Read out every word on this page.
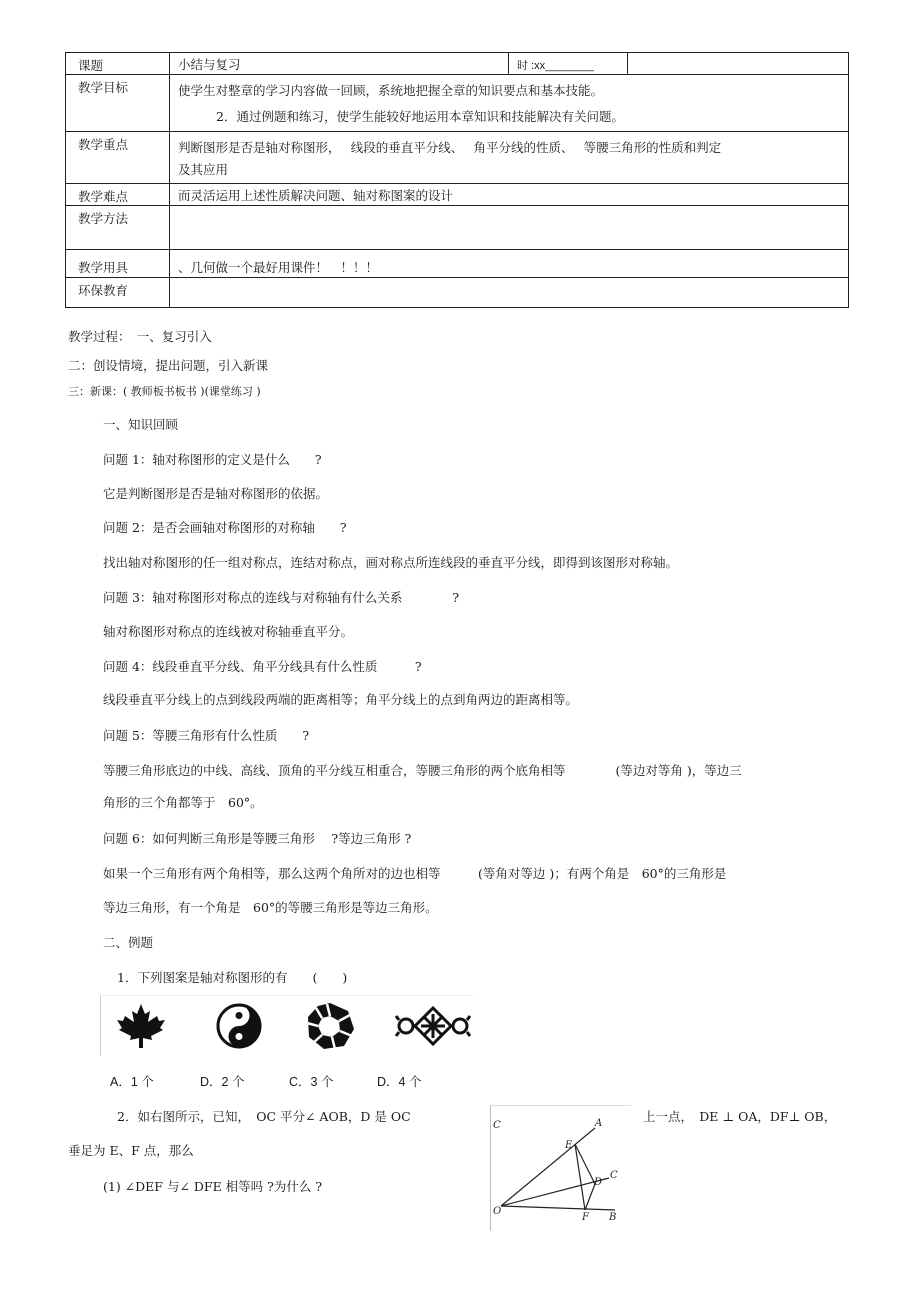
课题	小结与复习	时 :xx________	
教学目标	使学生对整章的学习内容做一回顾，系统地把握全章的知识要点和基本技能。
2．通过例题和练习，使学生能较好地运用本章知识和技能解决有关问题。		

教学重点	判断图形是否是轴对称图形，　 线段的垂直平分线、　 角平分线的性质、　 等腰三角形的性质和判定
及其应用		

教学难点	而灵活运用上述性质解决问题、轴对称图案的设计		
教学方法			
教学用具	、几何做一个最好用课件！　！！！		
环保教育			
教学过程：　一、复习引入
二：创设情境，提出问题，引入新课
三：新课：( 教师板书板书 )(课堂练习 )
一、知识回顾
问题 1：轴对称图形的定义是什么　　?
它是判断图形是否是轴对称图形的依据。
问题 2：是否会画轴对称图形的对称轴　　?
找出轴对称图形的任一组对称点，连结对称点，画对称点所连线段的垂直平分线，即得到该图形对称轴。
问题 3：轴对称图形对称点的连线与对称轴有什么关系　　　　?
轴对称图形对称点的连线被对称轴垂直平分。
问题 4：线段垂直平分线、角平分线具有什么性质　　　?
线段垂直平分线上的点到线段两端的距离相等；角平分线上的点到角两边的距离相等。
问题 5：等腰三角形有什么性质　　?
等腰三角形底边的中线、高线、顶角的平分线互相重合，等腰三角形的两个底角相等　　　　(等边对等角 )，等边三
角形的三个角都等于　60°。
问题 6：如何判断三角形是等腰三角形　 ?等边三角形 ?
如果一个三角形有两个角相等，那么这两个角所对的边也相等　　　(等角对等边 )；有两个角是　60°的三角形是
等边三角形，有一个角是　60°的等腰三角形是等边三角形。
二、例题
1．下列图案是轴对称图形的有　　(　　)
A．1 个	D．2 个	C．3 个	D．4 个
2．如右图所示，已知，　OC 平分∠ AOB，D 是 OC	上一点，　DE ⊥ OA，DF⊥ OB，
垂足为 E、F 点，那么
(1) ∠DEF 与∠ DFE 相等吗 ?为什么 ?
C	A
E
C
D
O
F B
